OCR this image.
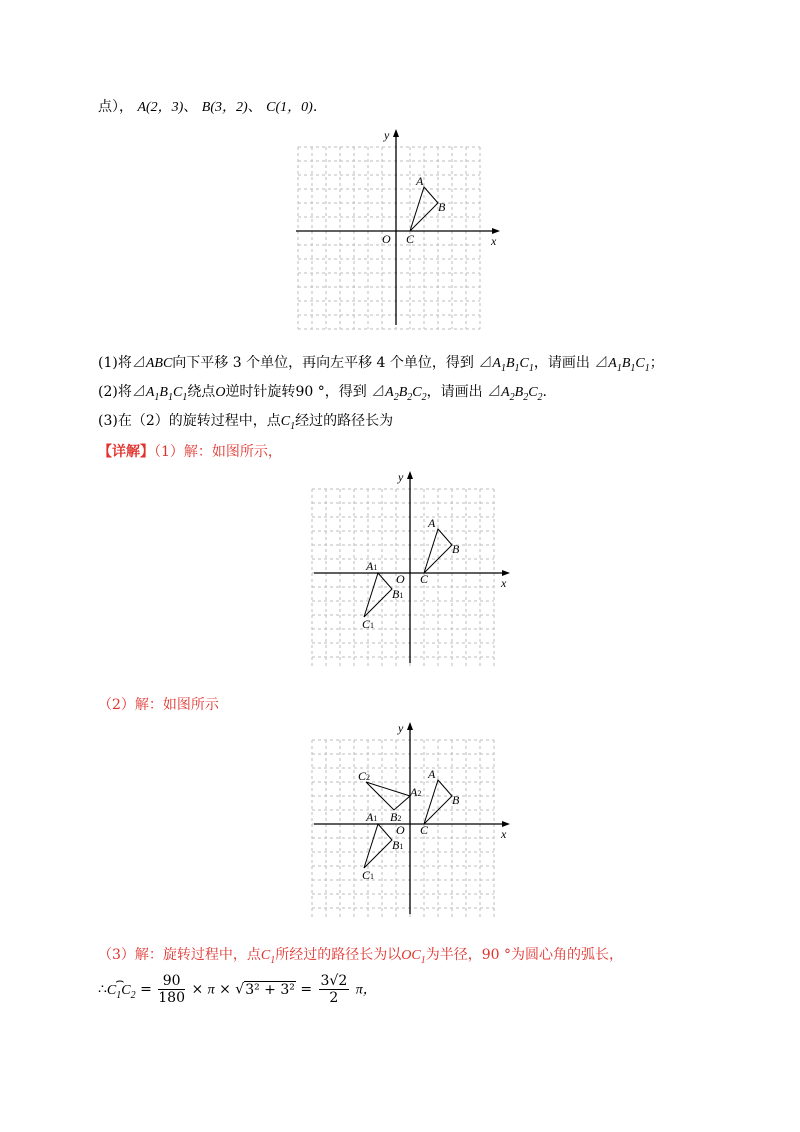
点）， A(2，3)、 B(3，2)、 C(1，0).
A
B
C
O	x
y
(1)将⊿ABC向下平移 3 个单位，再向左平移 4 个单位，得到 $⊿A_1B_1C_1$，请画出 $⊿A_1B_1C_1$；
(2)将$⊿A_1B_1C_1$绕点O逆时针旋转90 °，得到 $⊿A_2B_2C_2$，请画出 $⊿A_2B_2C_2$.
(3)在（2）的旋转过程中，点$C_1$经过的路径长为
【详解】（1）解：如图所示，
A
B
C
O
A1
B1
C1
x
y
（2）解：如图所示
A
B
C
O
A1
B1
C1
A2
B2
C2
x
y
（3）解：旋转过程中，点$C_1$所经过的路径长为以$OC_1$为半径，90 °为圆心角的弧长，
$\therefore C_1C_2$
⌢
= $\frac{90}{180} \times \pi \times √3^2 + 3^2 = \frac{3√2}{2}$ π，
